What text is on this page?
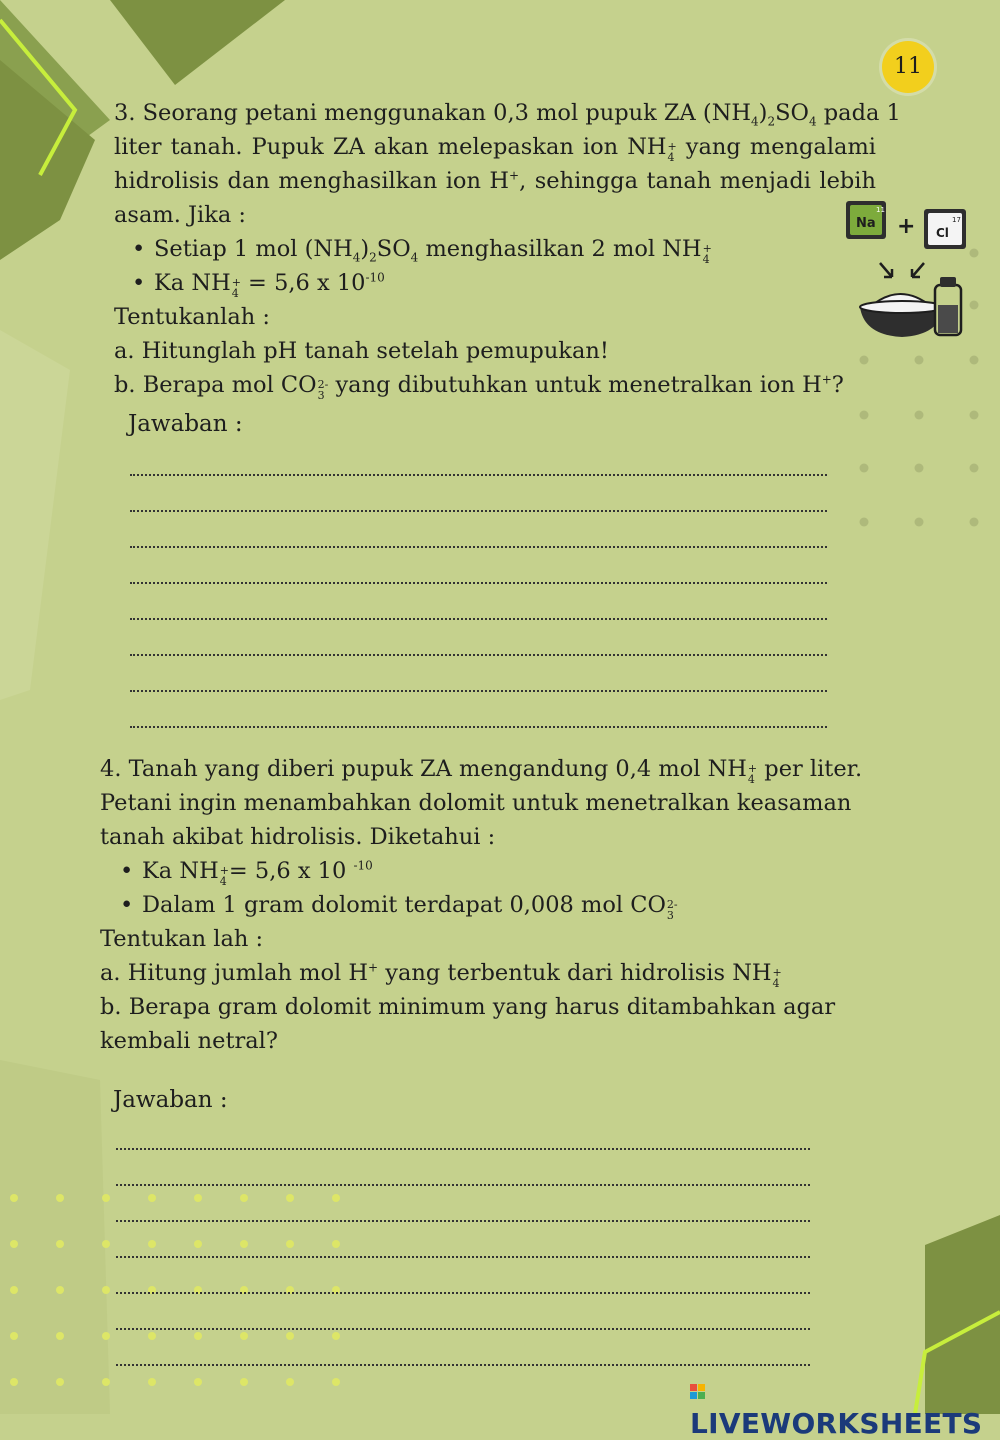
11
3. Seorang petani menggunakan 0,3 mol pupuk ZA $(NH_4)_2SO_4$ pada 1
liter tanah. Pupuk ZA akan melepaskan ion NH +
4 yang mengalami
hidrolisis dan menghasilkan ion H+, sehingga tanah menjadi lebih
asam. Jika :
• Setiap 1 mol $(NH_4)_2SO_4$ menghasilkan 2 mol NH +
4
• Ka NH +
4 = 5,6 x $10^{-10}$
Tentukanlah :
a. Hitunglah pH tanah setelah pemupukan!
b. Berapa mol CO 2-
3 yang dibutuhkan untuk menetralkan ion H+?
Jawaban :
4. Tanah yang diberi pupuk ZA mengandung 0,4 mol NH +
4 per liter.
Petani ingin menambahkan dolomit untuk menetralkan keasaman
tanah akibat hidrolisis. Diketahui :
• Ka NH +
4 = 5,6 x 10 $^{-10}$
• Dalam 1 gram dolomit terdapat 0,008 mol CO 2-
3
Tentukan lah :
a. Hitung jumlah mol H+ yang terbentuk dari hidrolisis NH +
4
b. Berapa gram dolomit minimum yang harus ditambahkan agar
kembali netral?
Jawaban :
11
Na +	17
Cl
LIVEWORKSHEETS
